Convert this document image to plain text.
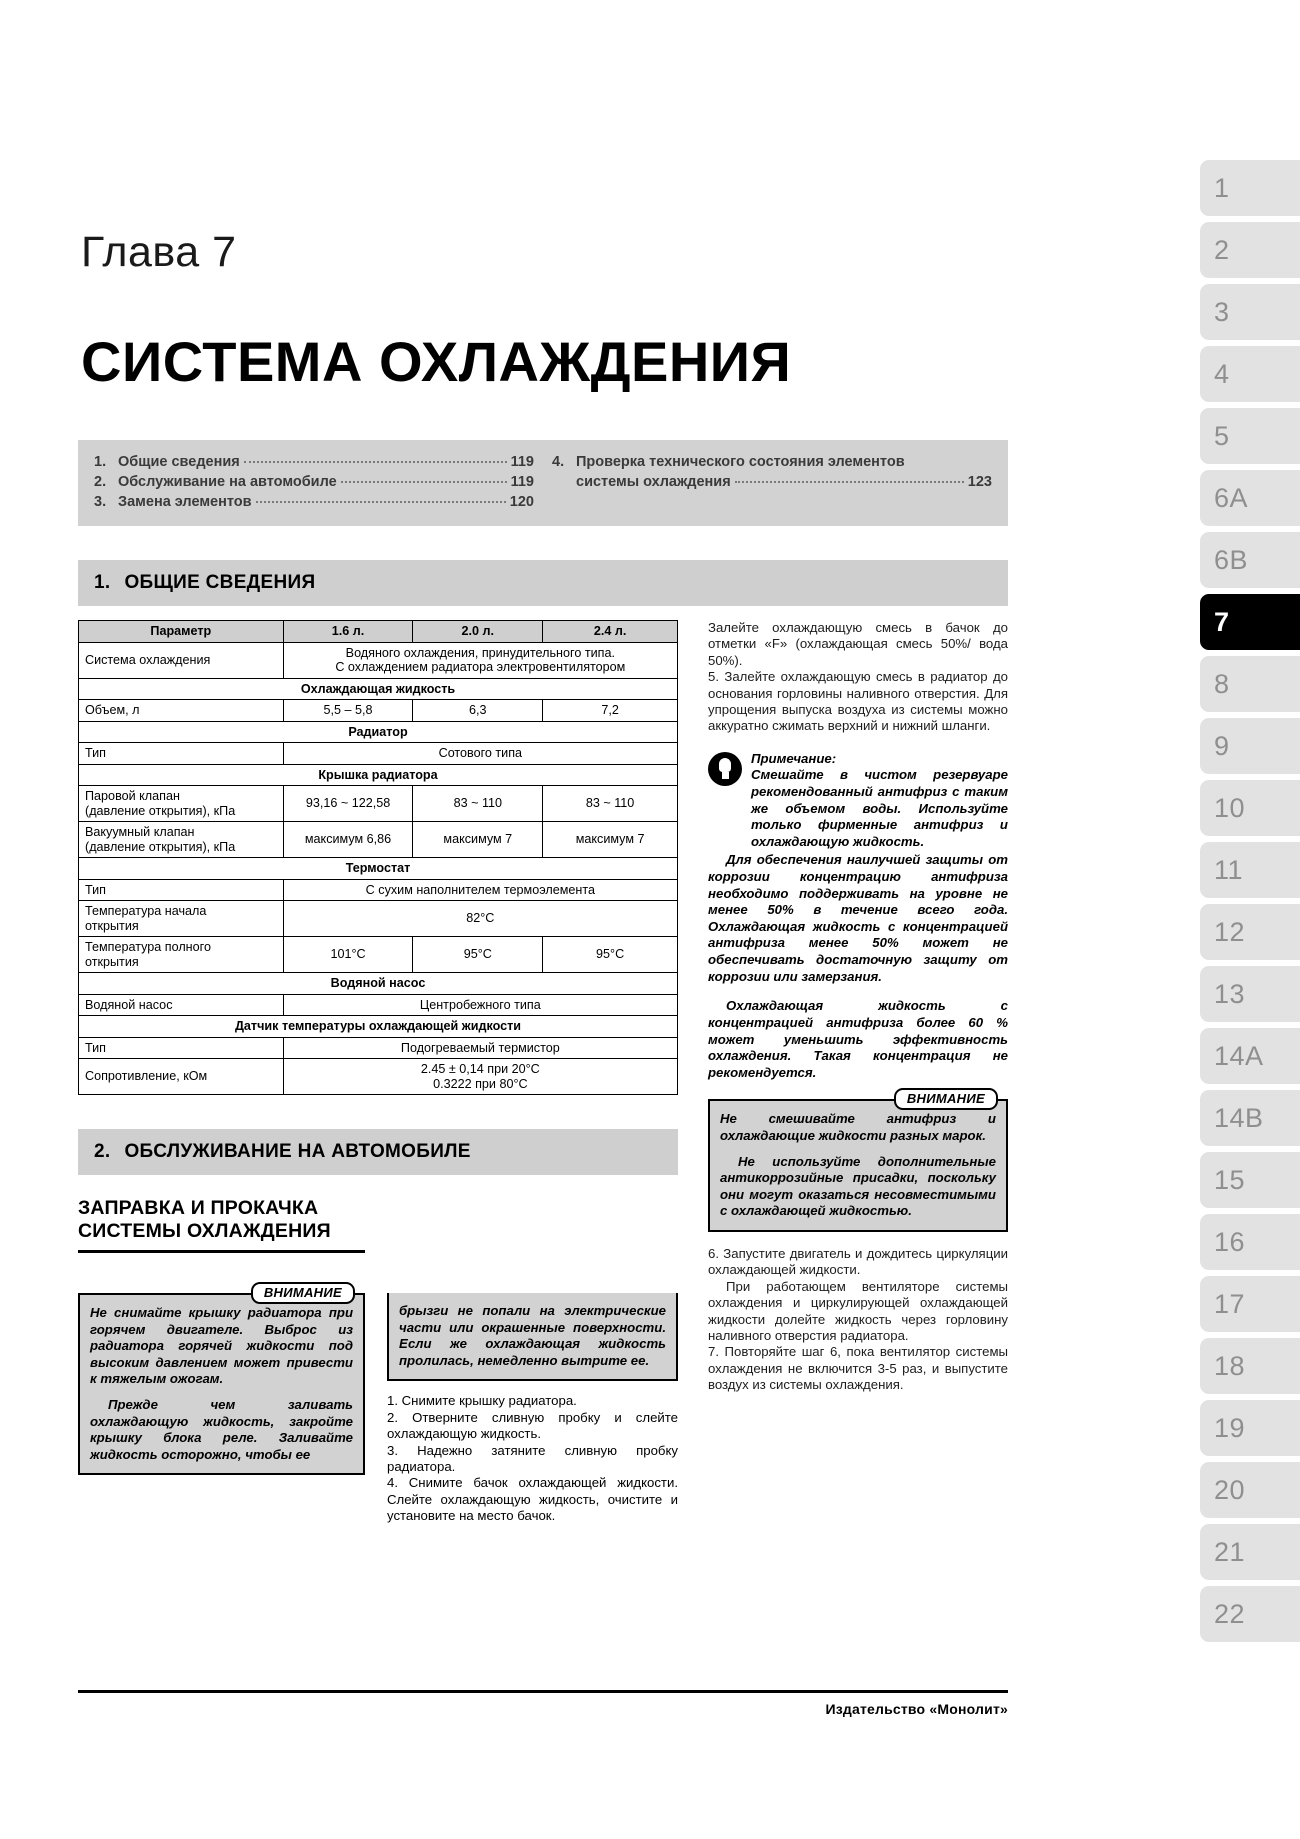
1
2
3
4
5
6A
6B
7
8
9
10
11
12
13
14A
14B
15
16
17
18
19
20
21
22
Глава 7
СИСТЕМА ОХЛАЖДЕНИЯ
1. Общие сведения	119
2. Обслуживание на автомобиле	119
3. Замена элементов	120
4. Проверка технического состояния элементов
системы охлаждения	123
1. ОБЩИЕ СВЕДЕНИЯ
Параметр	1.6 л.	2.0 л.	2.4 л.
Система охлаждения	Водяного охлаждения, принудительного типа.
С охлаждением радиатора электровентилятором		
Охлаждающая жидкость			
Объем, л	5,5 – 5,8	6,3	7,2
Радиатор			
Тип	Сотового типа		
Крышка радиатора			
Паровой клапан
(давление открытия), кПа	93,16 ~ 122,58	83 ~ 110	83 ~ 110
Вакуумный клапан
(давление открытия), кПа	максимум 6,86	максимум 7	максимум 7
Термостат			
Тип	С сухим наполнителем термоэлемента		
Температура начала
открытия	82°C		
Температура полного
открытия	101°C	95°C	95°C
Водяной насос			
Водяной насос	Центробежного типа		
Датчик температуры охлаждающей жидкости			
Тип	Подогреваемый термистор		
Сопротивление, кОм	2.45 ± 0,14 при 20°C
0.3222 при 80°C		
2. ОБСЛУЖИВАНИЕ НА АВТОМОБИЛЕ
ЗАПРАВКА И ПРОКАЧКА
СИСТЕМЫ ОХЛАЖДЕНИЯ
ВНИМАНИЕ

Не снимайте крышку радиатора при горячем двигателе. Выброс из радиатора горячей жидкости под высоким давлением может привести к тяжелым ожогам.

Прежде чем заливать охлаждающую жидкость, закройте крышку блока реле. Заливайте жидкость осторожно, чтобы ее

брызги не попали на электрические части или окрашенные поверхности. Если же охлаждающая жидкость пролилась, немедленно вытрите ее.

1. Снимите крышку радиатора.

2. Отверните сливную пробку и слейте охлаждающую жидкость.

3. Надежно затяните сливную пробку радиатора.

4. Снимите бачок охлаждающей жидкости. Слейте охлаждающую жидкость, очистите и установите на место бачок.

Залейте охлаждающую смесь в бачок до отметки «F» (охлаждающая смесь 50%/ вода 50%).

5. Залейте охлаждающую смесь в радиатор до основания горловины наливного отверстия. Для упрощения выпуска воздуха из системы можно аккуратно сжимать верхний и нижний шланги.

Примечание:
Смешайте в чистом резервуаре рекомендованный антифриз с таким же объемом воды. Используйте только фирменные антифриз и охлаждающую жидкость.

Для обеспечения наилучшей защиты от коррозии концентрацию антифриза необходимо поддерживать на уровне не менее 50% в течение всего года. Охлаждающая жидкость с концентрацией антифриза менее 50% может не обеспечивать достаточную защиту от коррозии или замерзания.

Охлаждающая жидкость с концентрацией антифриза более 60 % может уменьшить эффективность охлаждения. Такая концентрация не рекомендуется.

ВНИМАНИЕ

Не смешивайте антифриз и охлаждающие жидкости разных марок.

Не используйте дополнительные антикоррозийные присадки, поскольку они могут оказаться несовместимыми с охлаждающей жидкостью.

6. Запустите двигатель и дождитесь циркуляции охлаждающей жидкости.

При работающем вентиляторе системы охлаждения и циркулирующей охлаждающей жидкости долейте жидкость через горловину наливного отверстия радиатора.

7. Повторяйте шаг 6, пока вентилятор системы охлаждения не включится 3-5 раз, и выпустите воздух из системы охлаждения.

Издательство «Монолит»
